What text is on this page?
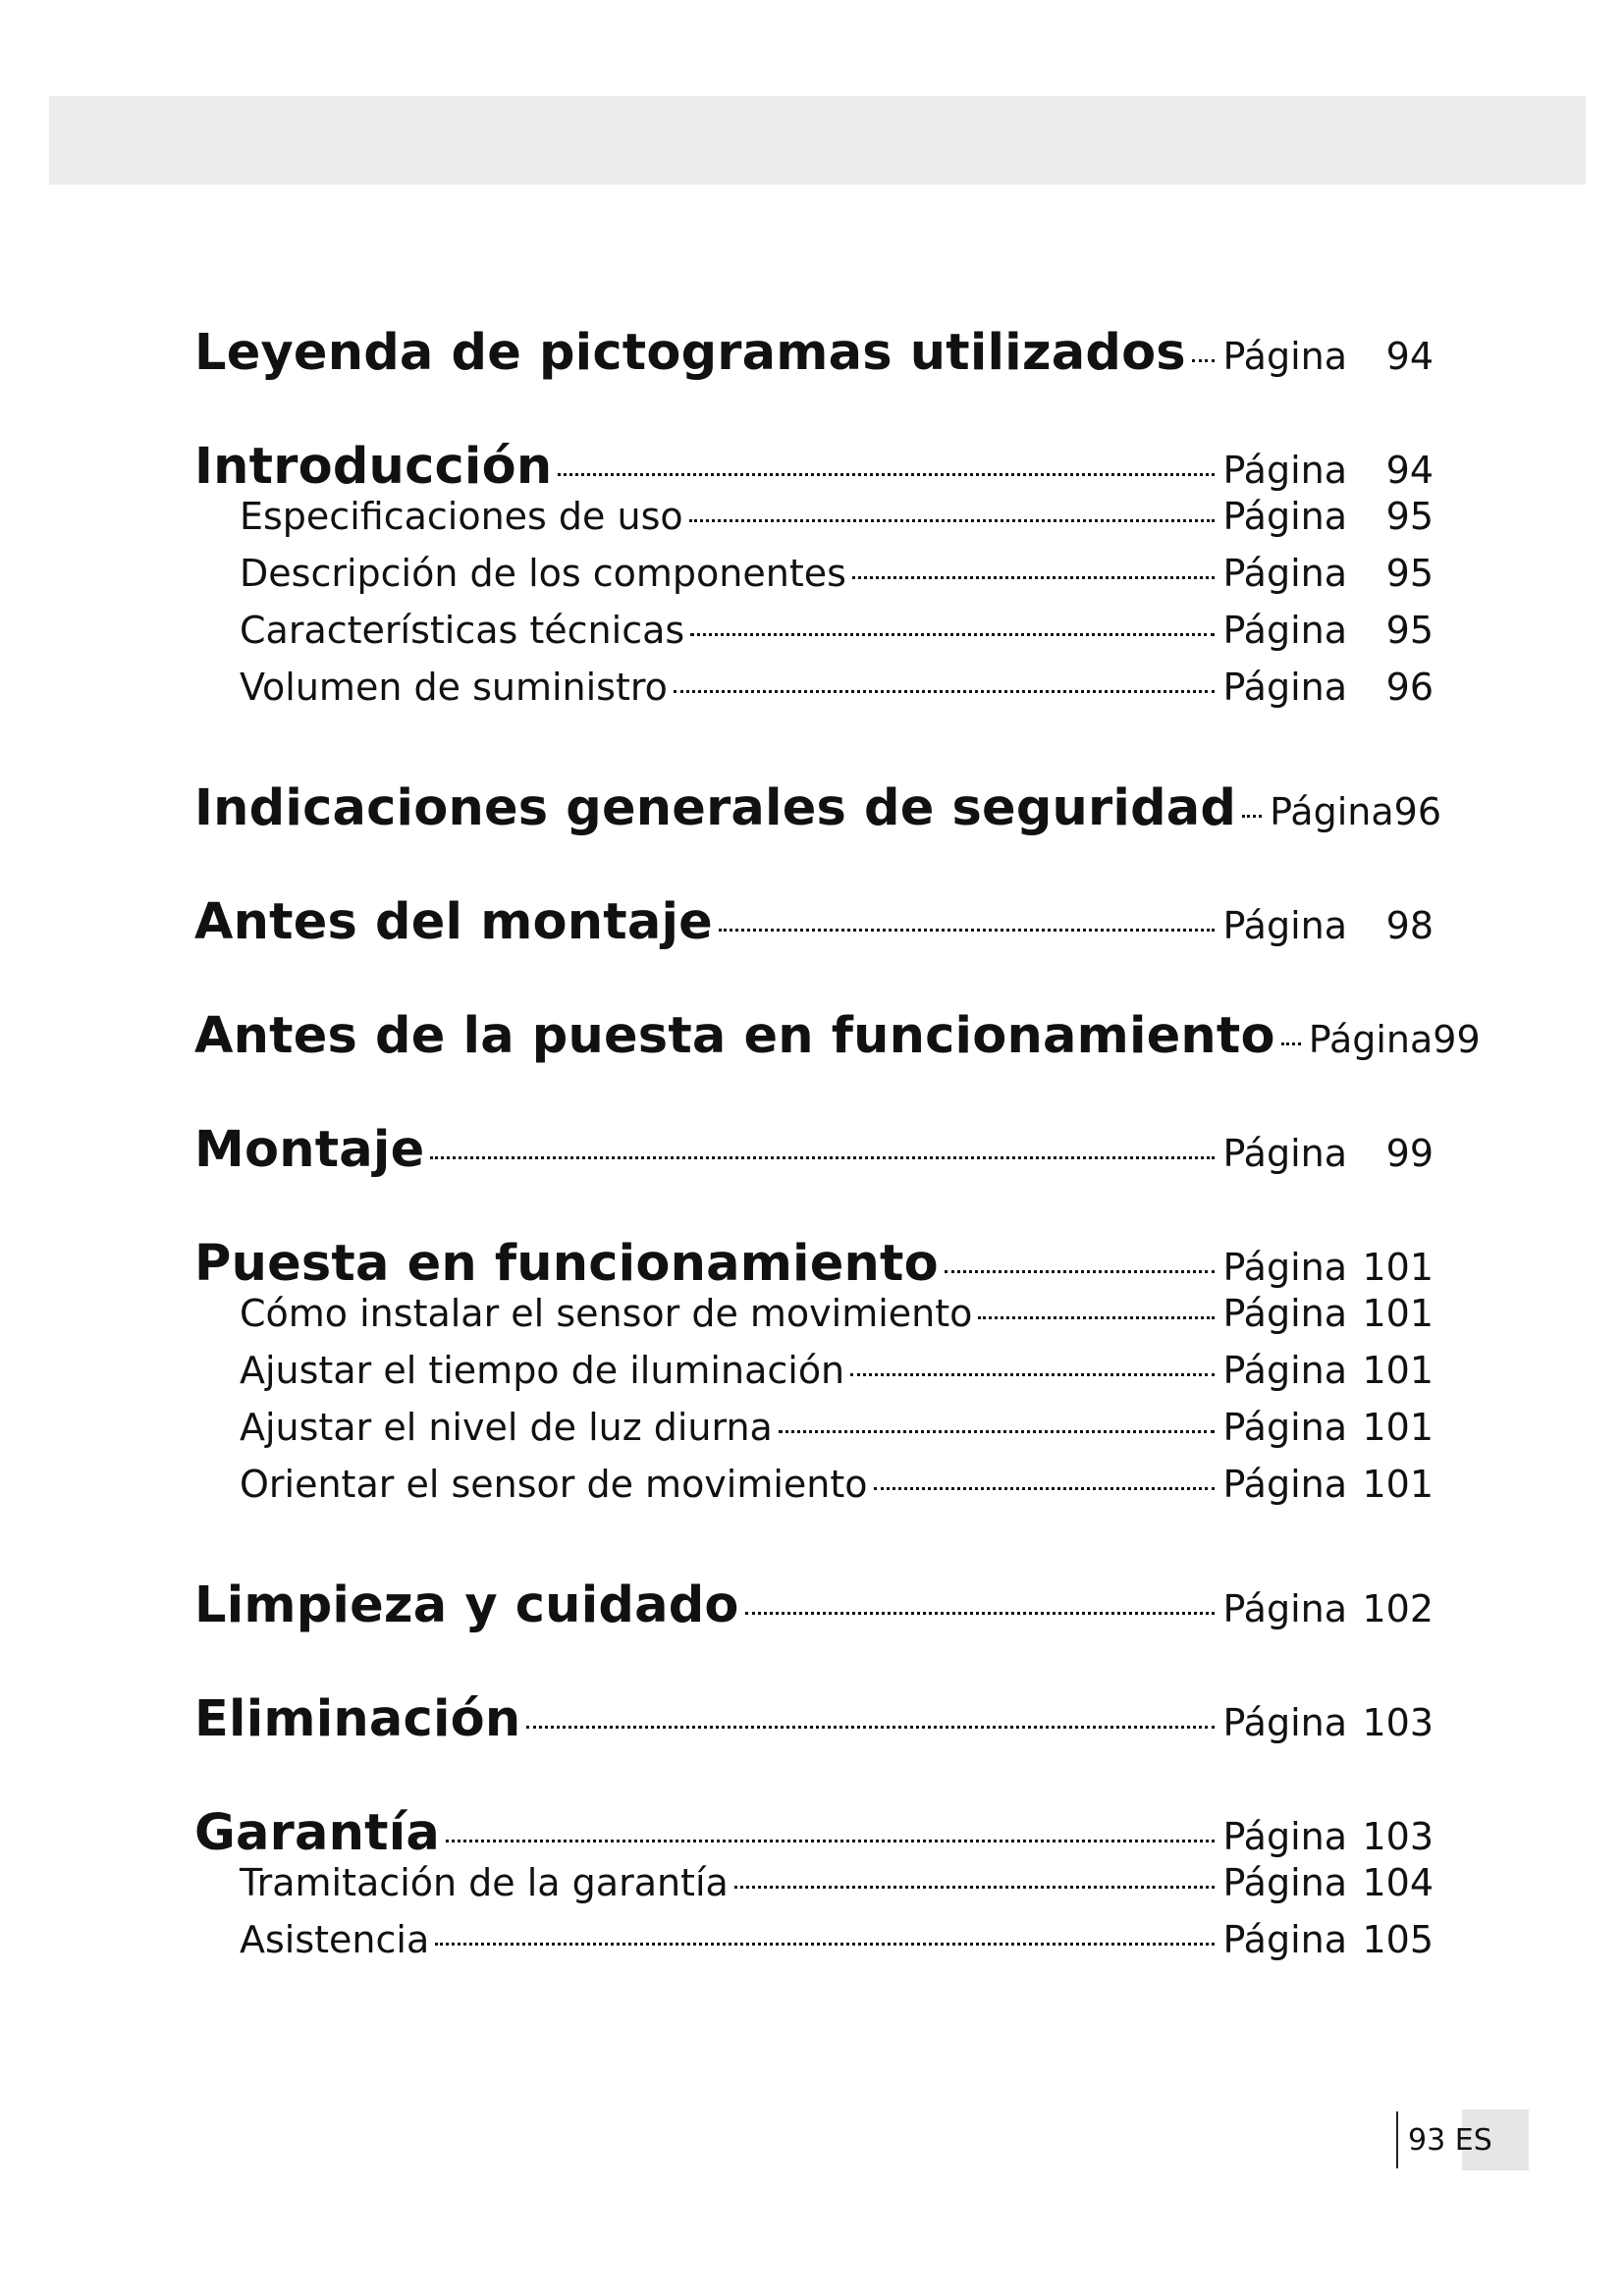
Leyenda de pictogramas utilizados Página	94
Introducción	Página	94
Especificaciones de uso	Página	95
Descripción de los componentes	Página	95
Características técnicas	Página	95
Volumen de suministro	Página	96
Indicaciones generales de seguridad Página 96
Antes del montaje	Página	98
Antes de la puesta en funcionamiento Página 99
Montaje	Página	99
Puesta en funcionamiento	Página 101
Cómo instalar el sensor de movimiento	Página 101
Ajustar el tiempo de iluminación	Página 101
Ajustar el nivel de luz diurna	Página 101
Orientar el sensor de movimiento	Página 101
Limpieza y cuidado	Página 102
Eliminación	Página 103
Garantía	Página 103
Tramitación de la garantía	Página 104
Asistencia	Página 105
93 ES
